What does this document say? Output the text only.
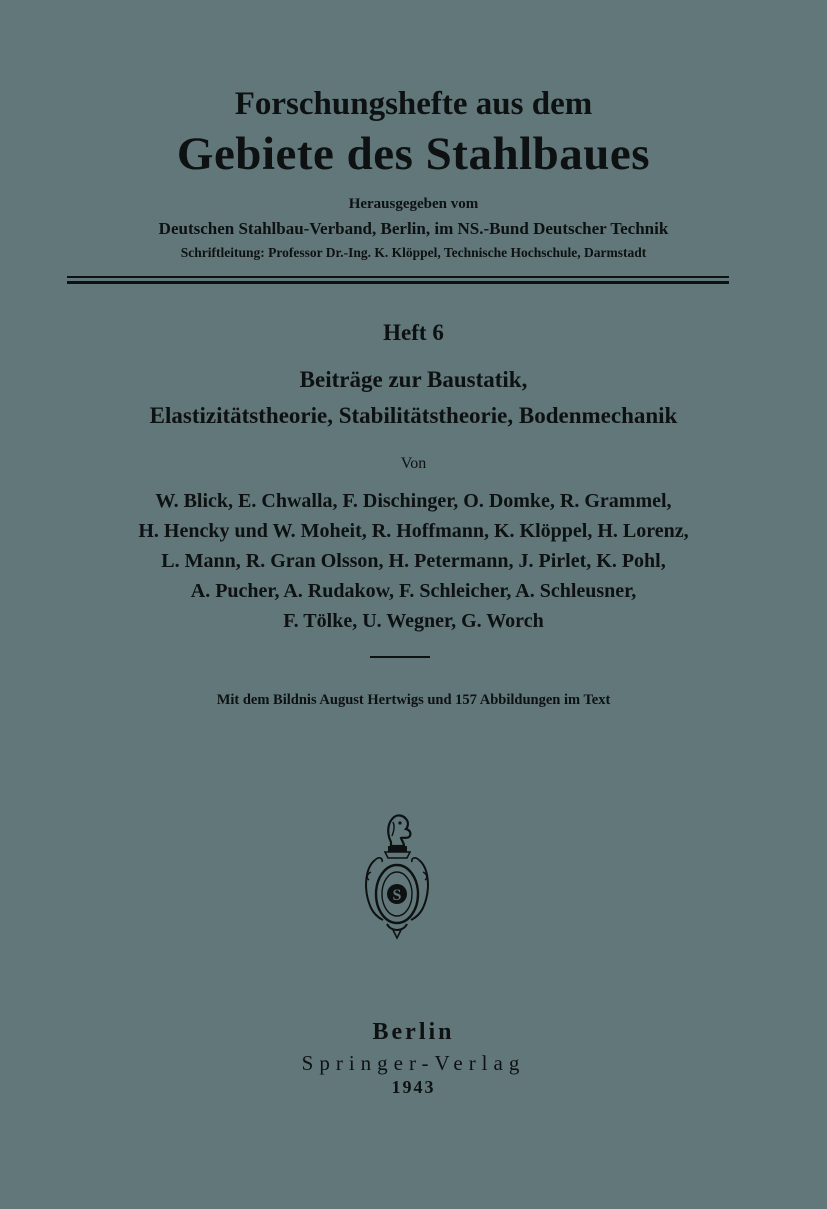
Forschungshefte aus dem
Gebiete des Stahlbaues
Herausgegeben vom
Deutschen Stahlbau-Verband, Berlin, im NS.-Bund Deutscher Technik
Schriftleitung: Professor Dr.-Ing. K. Klöppel, Technische Hochschule, Darmstadt
Heft 6
Beiträge zur Baustatik,
Elastizitätstheorie, Stabilitätstheorie, Bodenmechanik
Von
W. Blick, E. Chwalla, F. Dischinger, O. Domke, R. Grammel,
H. Hencky und W. Moheit, R. Hoffmann, K. Klöppel, H. Lorenz,
L. Mann, R. Gran Olsson, H. Petermann, J. Pirlet, K. Pohl,
A. Pucher, A. Rudakow, F. Schleicher, A. Schleusner,
F. Tölke, U. Wegner, G. Worch
Mit dem Bildnis August Hertwigs und 157 Abbildungen im Text
S
Berlin
Springer-Verlag
1943
